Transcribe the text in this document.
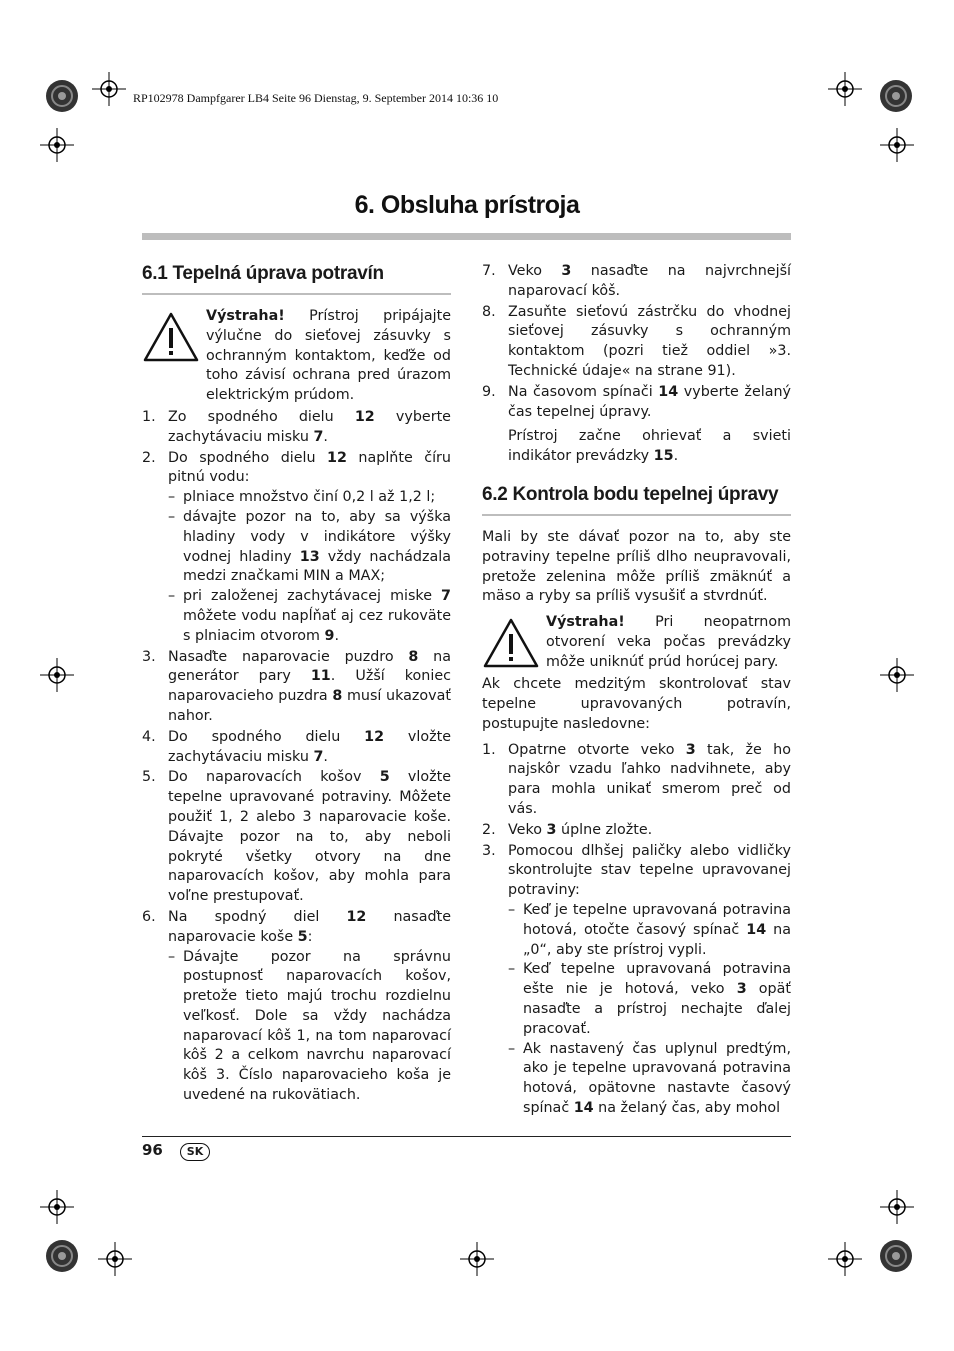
RP102978 Dampfgarer LB4 Seite 96 Dienstag, 9. September 2014 10:36 10
6. Obsluha prístroja
6.1 Tepelná úprava potravín
Výstraha! Prístroj pripájajte výlučne do sieťovej zásuvky s ochranným kontaktom, keďže od toho závisí ochrana pred úrazom elektrickým prúdom.
1. Zo spodného dielu 12 vyberte zachytávaciu misku 7.
2. Do spodného dielu 12 naplňte číru pitnú vodu:
– plniace množstvo činí 0,2 l až 1,2 l;
– dávajte pozor na to, aby sa výška hladiny vody v indikátore výšky vodnej hladiny 13 vždy nachádzala medzi značkami MIN a MAX;
– pri založenej zachytávacej miske 7 môžete vodu napĺňať aj cez rukoväte s plniacim otvorom 9.
3. Nasaďte naparovacie puzdro 8 na generátor pary 11. Užší koniec naparovacieho puzdra 8 musí ukazovať nahor.
4. Do spodného dielu 12 vložte zachytávaciu misku 7.
5. Do naparovacích košov 5 vložte tepelne upravované potraviny. Môžete použiť 1, 2 alebo 3 naparovacie koše. Dávajte pozor na to, aby neboli pokryté všetky otvory na dne naparovacích košov, aby mohla para voľne prestupovať.
6. Na spodný diel 12 nasaďte naparovacie koše 5:
– Dávajte pozor na správnu postupnosť naparovacích košov, pretože tieto majú trochu rozdielnu veľkosť. Dole sa vždy nachádza naparovací kôš 1, na tom naparovací kôš 2 a celkom navrchu naparovací kôš 3. Číslo naparovacieho koša je uvedené na rukovätiach.
7. Veko 3 nasaďte na najvrchnejší naparovací kôš.
8. Zasuňte sieťovú zástrčku do vhodnej sieťovej zásuvky s ochranným kontaktom (pozri tiež oddiel »3. Technické údaje« na strane 91).
9. Na časovom spínači 14 vyberte želaný čas tepelnej úpravy.
Prístroj začne ohrievať a svieti indikátor prevádzky 15.
6.2 Kontrola bodu tepelnej úpravy
Mali by ste dávať pozor na to, aby ste potraviny tepelne príliš dlho neupravovali, pretože zelenina môže príliš zmäknúť a mäso a ryby sa príliš vysušiť a stvrdnúť.
Výstraha! Pri neopatrnom otvorení veka počas prevádzky môže uniknúť prúd horúcej pary.
Ak chcete medzitým skontrolovať stav tepelne upravovaných potravín, postupujte nasledovne:
1. Opatrne otvorte veko 3 tak, že ho najskôr vzadu ľahko nadvihnete, aby para mohla unikať smerom preč od vás.
2. Veko 3 úplne zložte.
3. Pomocou dlhšej paličky alebo vidličky skontrolujte stav tepelne upravovanej potraviny:
– Keď je tepelne upravovaná potravina hotová, otočte časový spínač 14 na „0“, aby ste prístroj vypli.
– Keď tepelne upravovaná potravina ešte nie je hotová, veko 3 opäť nasaďte a prístroj nechajte ďalej pracovať.
– Ak nastavený čas uplynul predtým, ako je tepelne upravovaná potravina hotová, opätovne nastavte časový spínač 14 na želaný čas, aby mohol
96	SK
